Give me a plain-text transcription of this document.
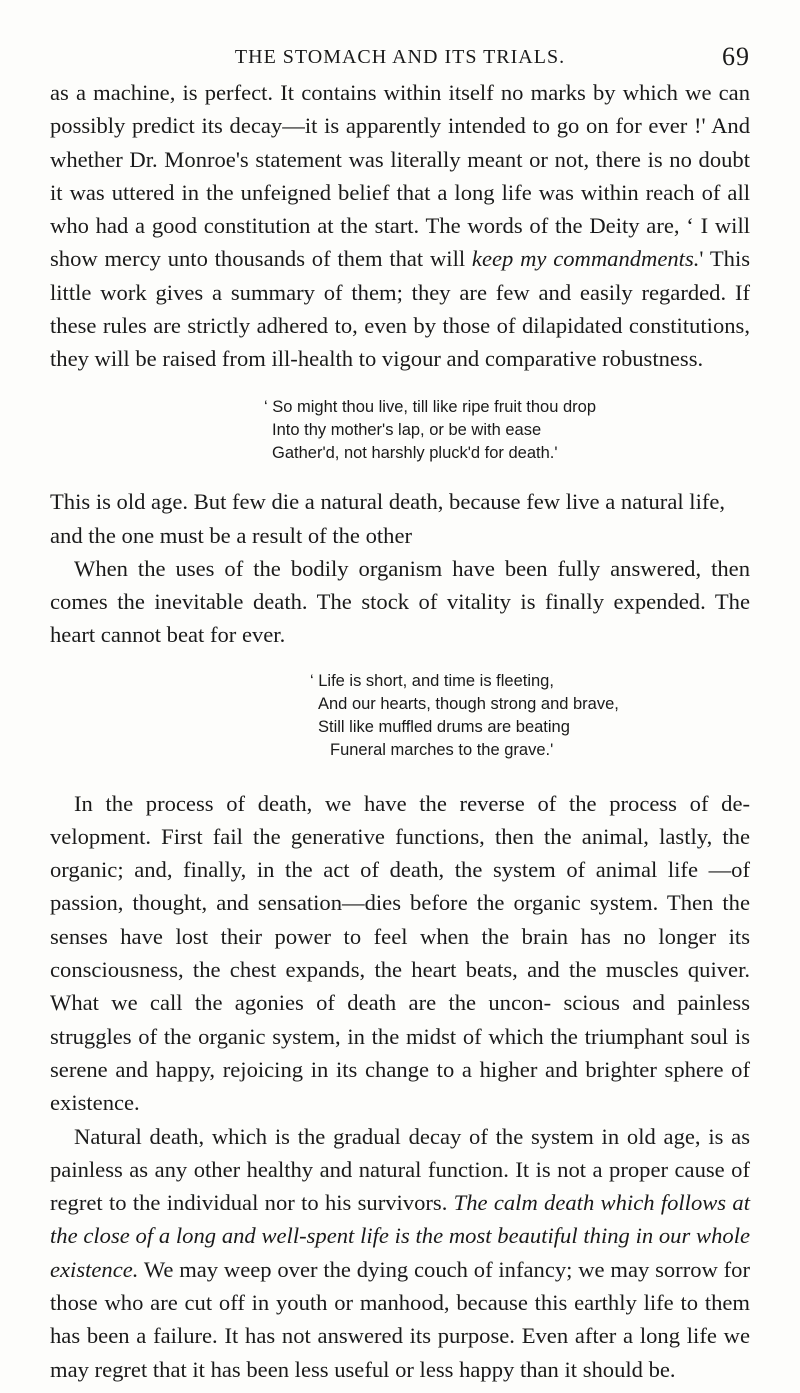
THE STOMACH AND ITS TRIALS.	69

as a machine, is perfect. It contains within itself no marks by which we can possibly predict its decay—it is apparently intended to go on for ever !' And whether Dr. Monroe's statement was literally meant or not, there is no doubt it was uttered in the unfeigned belief that a long life was within reach of all who had a good constitution at the start. The words of the Deity are, ‘ I will show mercy unto thousands of them that will keep my commandments.' This little work gives a summary of them; they are few and easily regarded. If these rules are strictly adhered to, even by those of dilapidated constitutions, they will be raised from ill-health to vigour and comparative robustness.

‘ So might thou live, till like ripe fruit thou drop
Into thy mother's lap, or be with ease
Gather'd, not harshly pluck'd for death.'

This is old age. But few die a natural death, because few live a natural life, and the one must be a result of the other

When the uses of the bodily organism have been fully answered, then comes the inevitable death. The stock of vitality is finally expended. The heart cannot beat for ever.

‘ Life is short, and time is fleeting,
And our hearts, though strong and brave,
Still like muffled drums are beating
Funeral marches to the grave.'

In the process of death, we have the reverse of the process of de- velopment. First fail the generative functions, then the animal, lastly, the organic; and, finally, in the act of death, the system of animal life —of passion, thought, and sensation—dies before the organic system. Then the senses have lost their power to feel when the brain has no longer its consciousness, the chest expands, the heart beats, and the muscles quiver. What we call the agonies of death are the uncon- scious and painless struggles of the organic system, in the midst of which the triumphant soul is serene and happy, rejoicing in its change to a higher and brighter sphere of existence.

Natural death, which is the gradual decay of the system in old age, is as painless as any other healthy and natural function. It is not a proper cause of regret to the individual nor to his survivors. The calm death which follows at the close of a long and well-spent life is the most beautiful thing in our whole existence. We may weep over the dying couch of infancy; we may sorrow for those who are cut off in youth or manhood, because this earthly life to them has been a failure. It has not answered its purpose. Even after a long life we may regret that it has been less useful or less happy than it should be.
